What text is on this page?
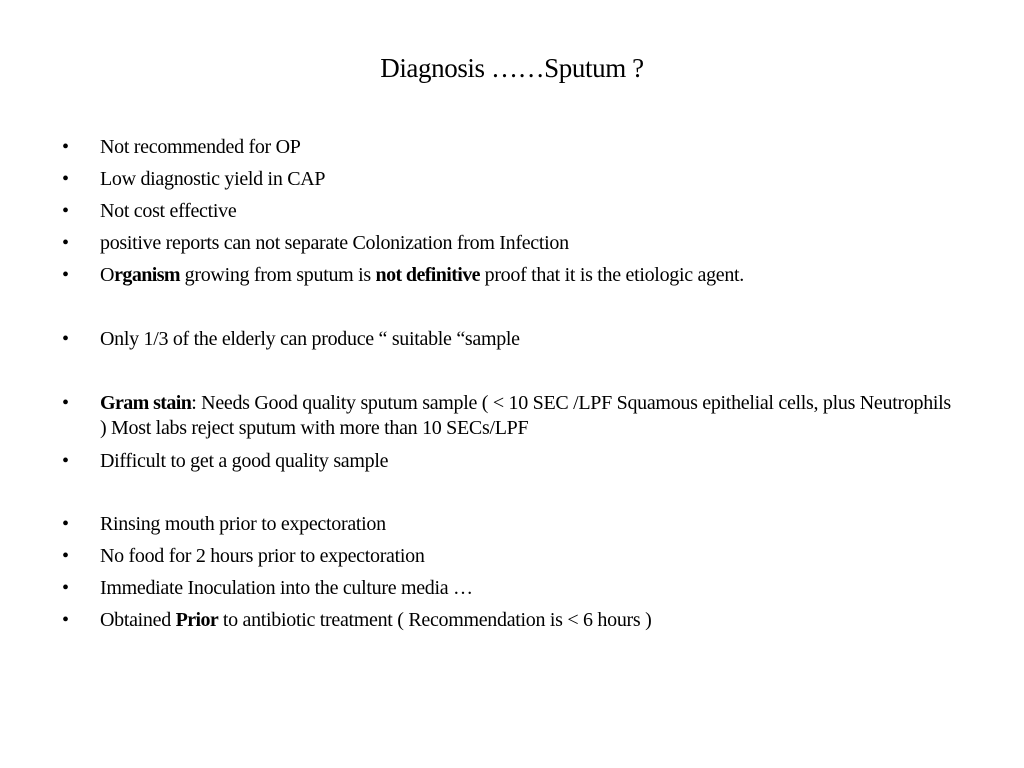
Diagnosis ……Sputum ?
• Not recommended for OP
• Low diagnostic yield in CAP
• Not cost effective
• positive reports can not separate Colonization from Infection
• Organism growing from sputum is not definitive proof that it is the etiologic agent.
• Only 1/3 of the elderly can produce “ suitable “sample
• Gram stain: Needs Good quality sputum sample ( < 10 SEC /LPF Squamous epithelial cells, plus Neutrophils ) Most labs reject sputum with more than 10 SECs/LPF
• Difficult to get a good quality sample
• Rinsing mouth prior to expectoration
• No food for 2 hours prior to expectoration
• Immediate Inoculation into the culture media …
• Obtained Prior to antibiotic treatment ( Recommendation is < 6 hours )
